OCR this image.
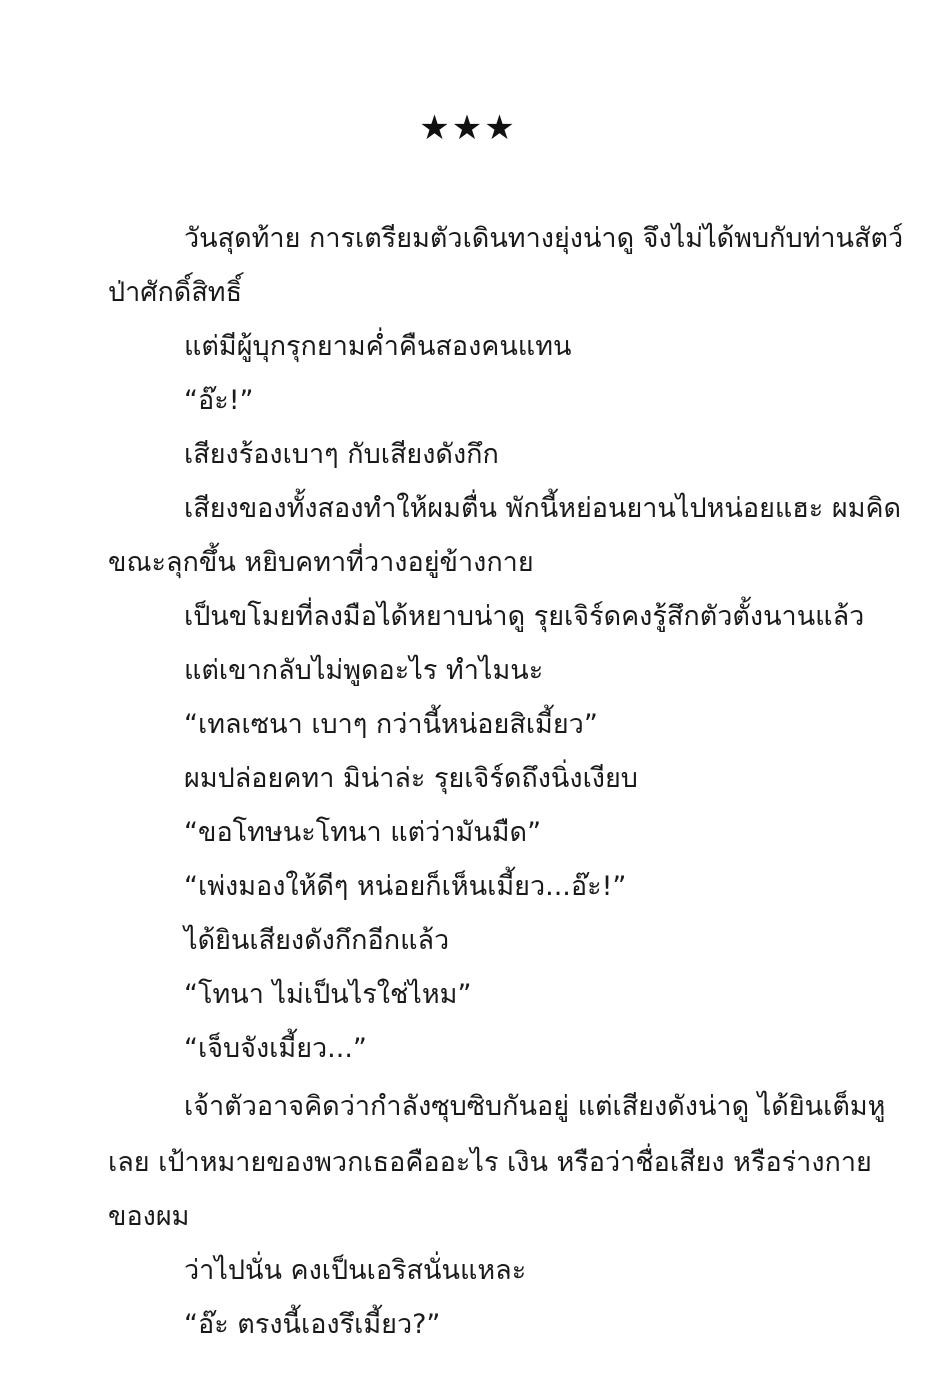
★★★
วันสุดท้าย การเตรียมตัวเดินทางยุ่งน่าดู จึงไม่ได้พบกับท่านสัตว์
ป่าศักดิ์สิทธิ์
แต่มีผู้บุกรุกยามค่ำคืนสองคนแทน
“อ๊ะ!”
เสียงร้องเบาๆ กับเสียงดังกึก
เสียงของทั้งสองทำให้ผมตื่น พักนี้หย่อนยานไปหน่อยแฮะ ผมคิด
ขณะลุกขึ้น หยิบคทาที่วางอยู่ข้างกาย
เป็นขโมยที่ลงมือได้หยาบน่าดู รุยเจิร์ดคงรู้สึกตัวตั้งนานแล้ว
แต่เขากลับไม่พูดอะไร ทำไมนะ
“เทลเซนา เบาๆ กว่านี้หน่อยสิเมี้ยว”
ผมปล่อยคทา มิน่าล่ะ รุยเจิร์ดถึงนิ่งเงียบ
“ขอโทษนะโทนา แต่ว่ามันมืด”
“เพ่งมองให้ดีๆ หน่อยก็เห็นเมี้ยว...อ๊ะ!”
ได้ยินเสียงดังกึกอีกแล้ว
“โทนา ไม่เป็นไรใช่ไหม”
“เจ็บจังเมี้ยว...”
เจ้าตัวอาจคิดว่ากำลังซุบซิบกันอยู่ แต่เสียงดังน่าดู ได้ยินเต็มหู
เลย เป้าหมายของพวกเธอคืออะไร เงิน หรือว่าชื่อเสียง หรือร่างกาย
ของผม
ว่าไปนั่น คงเป็นเอริสนั่นแหละ
“อ๊ะ ตรงนี้เองรึเมี้ยว?”
